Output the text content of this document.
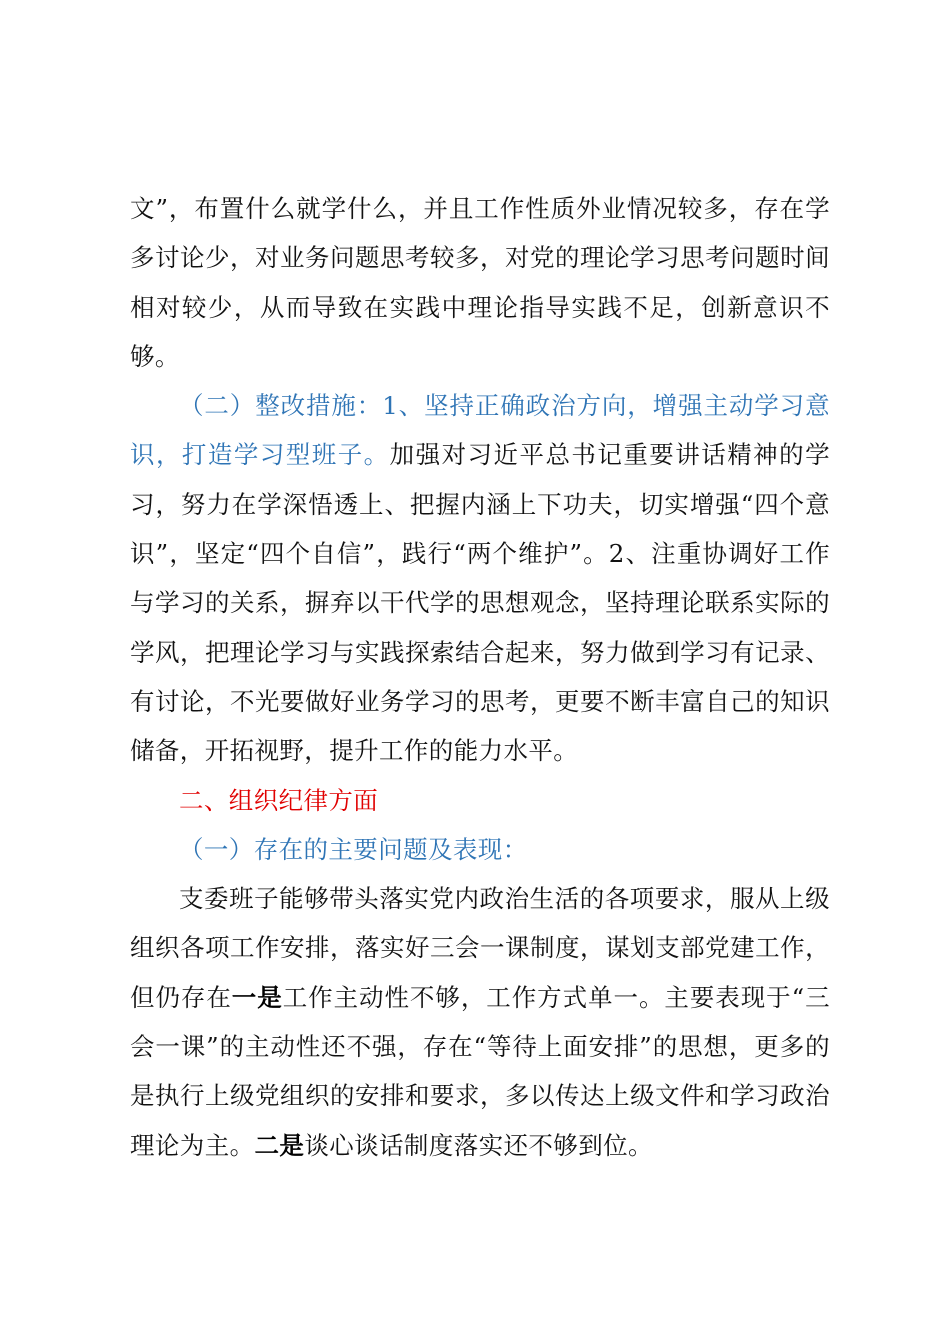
文”，布置什么就学什么，并且工作性质外业情况较多，存在学多讨论少，对业务问题思考较多，对党的理论学习思考问题时间相对较少，从而导致在实践中理论指导实践不足，创新意识不够。

（二）整改措施：1、坚持正确政治方向，增强主动学习意识，打造学习型班子。加强对习近平总书记重要讲话精神的学习，努力在学深悟透上、把握内涵上下功夫，切实增强“四个意识”，坚定“四个自信”，践行“两个维护”。2、注重协调好工作与学习的关系，摒弃以干代学的思想观念，坚持理论联系实际的学风，把理论学习与实践探索结合起来，努力做到学习有记录、有讨论，不光要做好业务学习的思考，更要不断丰富自己的知识储备，开拓视野，提升工作的能力水平。

二、组织纪律方面

（一）存在的主要问题及表现：

支委班子能够带头落实党内政治生活的各项要求，服从上级组织各项工作安排，落实好三会一课制度，谋划支部党建工作，但仍存在一是工作主动性不够，工作方式单一。主要表现于“三会一课”的主动性还不强，存在“等待上面安排”的思想，更多的是执行上级党组织的安排和要求，多以传达上级文件和学习政治理论为主。二是谈心谈话制度落实还不够到位。
